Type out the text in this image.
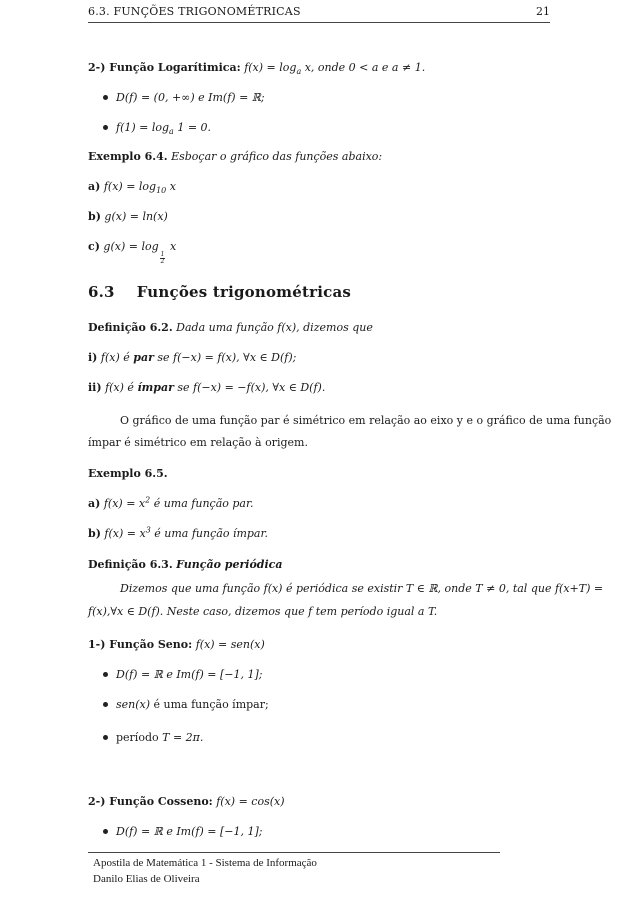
6.3. FUNÇÕES TRIGONOMÉTRICAS	21
2-) Função Logarítimica: $f(x) = \log_a x$, onde 0 < a e a ≠ 1.
D(f) = (0, +∞) e Im(f) = ℝ;
$f(1) = \log_a 1 = 0$.
Exemplo 6.4. Esboçar o gráfico das funções abaixo:
a) $f(x) = \log_{10} x$
b) g(x) = ln(x)
c) g(x) = log
$\frac{1}{2}$
x
6.3 Funções trigonométricas
Definição 6.2. Dada uma função f(x), dizemos que
i) f(x) é par se f(−x) = f(x), ∀x ∈ D(f);
ii) f(x) é ímpar se f(−x) = −f(x), ∀x ∈ D(f).
O gráfico de uma função par é simétrico em relação ao eixo y e o gráfico de uma função
ímpar é simétrico em relação à origem.
Exemplo 6.5.
a) $f(x) = x^2$ é uma função par.
b) $f(x) = x^3$ é uma função ímpar.
Definição 6.3. Função periódica
Dizemos que uma função f(x) é periódica se existir T ∈ ℝ, onde T ≠ 0, tal que f(x+T) =
f(x),∀x ∈ D(f). Neste caso, dizemos que f tem período igual a T.
1-) Função Seno: f(x) = sen(x)
D(f) = ℝ e Im(f) = [−1, 1];
sen(x) é uma função ímpar;
período T = 2π.
2-) Função Cosseno: f(x) = cos(x)
D(f) = ℝ e Im(f) = [−1, 1];
Apostila de Matemática 1 - Sistema de Informação
Danilo Elias de Oliveira
